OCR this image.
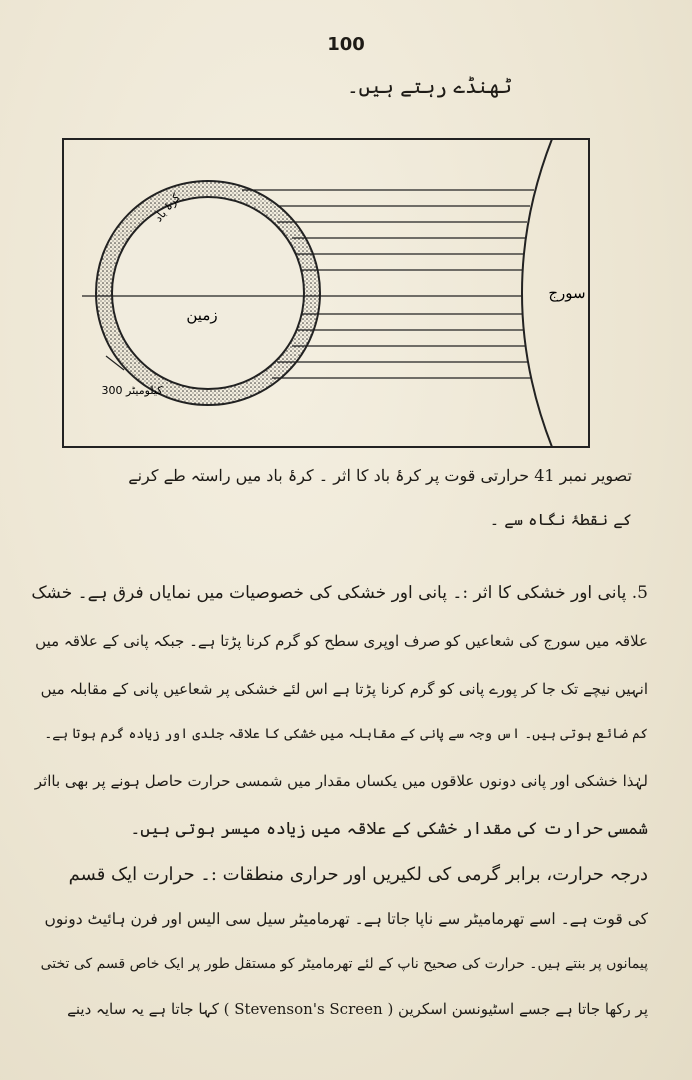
100
ٹھنڈے رہتے ہیں۔
زمین
سورج
کرۂ باد
300 کیلومیٹر
تصویر نمبر 41 حرارتی قوت پر کرۂ باد کا اثر ۔ کرۂ باد میں راستہ طے کرنے
کے نقطۂ نگاہ سے ۔
5. پانی اور خشکی کا اثر :۔ پانی اور خشکی کی خصوصیات میں نمایاں فرق ہے۔ خشک
علاقہ میں سورج کی شعاعیں کو صرف اوپری سطح کو گرم کرنا پڑتا ہے۔ جبکہ پانی کے علاقہ میں
انہیں نیچے تک جا کر پورے پانی کو گرم کرنا پڑتا ہے اس لئے خشکی پر شعاعیں پانی کے مقابلہ میں
کم ضائع ہوتی ہیں۔ اس وجہ سے پانی کے مقابلہ میں خشکی کا علاقہ جلدی اور زیادہ گرم ہوتا ہے۔
لہٰذا خشکی اور پانی دونوں علاقوں میں یکساں مقدار میں شمسی حرارت حاصل ہونے پر بھی بااثر
شمسی حرارت کی مقدار خشکی کے علاقہ میں زیادہ میسر ہوتی ہیں۔
درجہ حرارت، برابر گرمی کی لکیریں اور حراری منطقات :۔ حرارت ایک قسم
کی قوت ہے۔ اسے تھرمامیٹر سے ناپا جاتا ہے۔ تھرمامیٹر سیل سی الیس اور فرن ہائیٹ دونوں
پیمانوں پر بنتے ہیں۔ حرارت کی صحیح ناپ کے لئے تھرمامیٹر کو مستقل طور پر ایک خاص قسم کی تختی
پر رکھا جاتا ہے جسے اسٹیونسن اسکرین ( Stevenson's Screen ) کہا جاتا ہے یہ سایہ دینے
